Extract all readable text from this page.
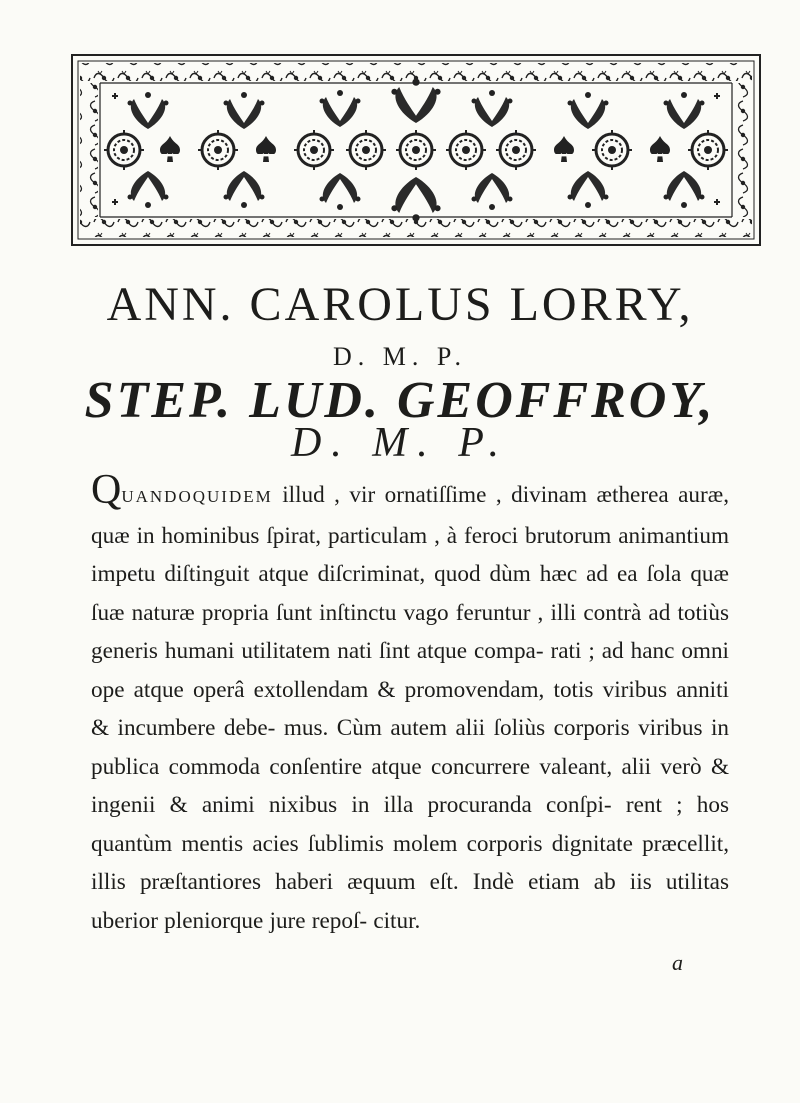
ANN. CAROLUS LORRY,
D. M. P.
STEP. LUD. GEOFFROY,
D. M. P.
QUANDOQUIDEM illud , vir ornatiſſime , divinam ætherea auræ, quæ in hominibus ſpirat, particulam , à feroci brutorum animantium impetu diſtinguit atque diſcriminat, quod dùm hæc ad ea ſola quæ ſuæ naturæ propria ſunt inſtinctu vago feruntur , illi contrà ad totiùs generis humani utilitatem nati ſint atque compa- rati ; ad hanc omni ope atque operâ extollendam & promovendam, totis viribus anniti & incumbere debe- mus. Cùm autem alii ſoliùs corporis viribus in publica commoda conſentire atque concurrere valeant, alii verò & ingenii & animi nixibus in illa procuranda conſpi- rent ; hos quantùm mentis acies ſublimis molem corporis dignitate præcellit, illis præſtantiores haberi æquum eſt. Indè etiam ab iis utilitas uberior pleniorque jure repoſ- citur.
a
